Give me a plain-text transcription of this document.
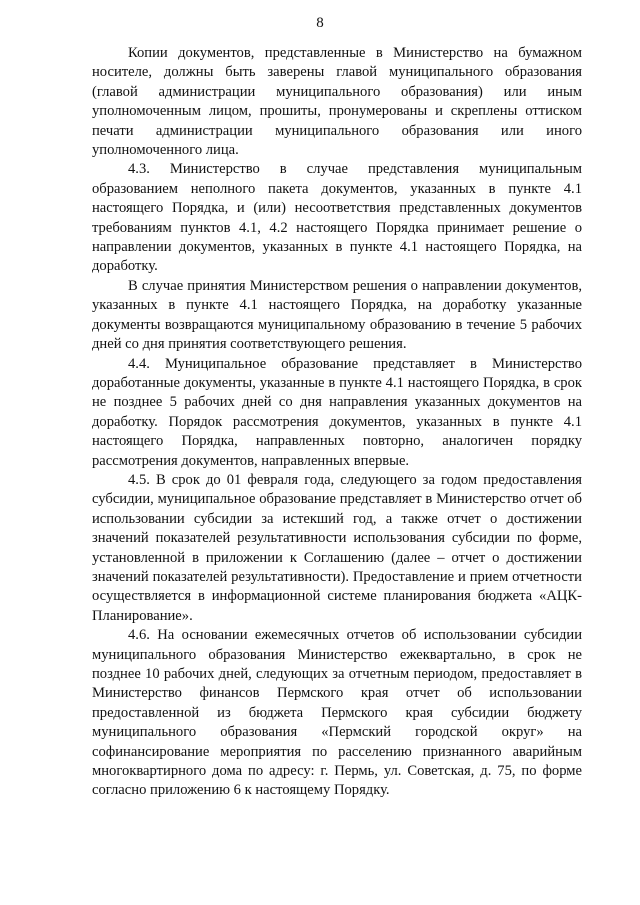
8

Копии документов, представленные в Министерство на бумажном носителе, должны быть заверены главой муниципального образования (главой администрации муниципального образования) или иным уполномоченным лицом, прошиты, пронумерованы и скреплены оттиском печати администрации муниципального образования или иного уполномоченного лица.

4.3. Министерство в случае представления муниципальным образованием неполного пакета документов, указанных в пункте 4.1 настоящего Порядка, и (или) несоответствия представленных документов требованиям пунктов 4.1, 4.2 настоящего Порядка принимает решение о направлении документов, указанных в пункте 4.1 настоящего Порядка, на доработку.

В случае принятия Министерством решения о направлении документов, указанных в пункте 4.1 настоящего Порядка, на доработку указанные документы возвращаются муниципальному образованию в течение 5 рабочих дней со дня принятия соответствующего решения.

4.4. Муниципальное образование представляет в Министерство доработанные документы, указанные в пункте 4.1 настоящего Порядка, в срок не позднее 5 рабочих дней со дня направления указанных документов на доработку. Порядок рассмотрения документов, указанных в пункте 4.1 настоящего Порядка, направленных повторно, аналогичен порядку рассмотрения документов, направленных впервые.

4.5. В срок до 01 февраля года, следующего за годом предоставления субсидии, муниципальное образование представляет в Министерство отчет об использовании субсидии за истекший год, а также отчет о достижении значений показателей результативности использования субсидии по форме, установленной в приложении к Соглашению (далее – отчет о достижении значений показателей результативности). Предоставление и прием отчетности осуществляется в информационной системе планирования бюджета «АЦК-Планирование».

4.6. На основании ежемесячных отчетов об использовании субсидии муниципального образования Министерство ежеквартально, в срок не позднее 10 рабочих дней, следующих за отчетным периодом, предоставляет в Министерство финансов Пермского края отчет об использовании предоставленной из бюджета Пермского края субсидии бюджету муниципального образования «Пермский городской округ» на софинансирование мероприятия по расселению признанного аварийным многоквартирного дома по адресу: г. Пермь, ул. Советская, д. 75, по форме согласно приложению 6 к настоящему Порядку.
